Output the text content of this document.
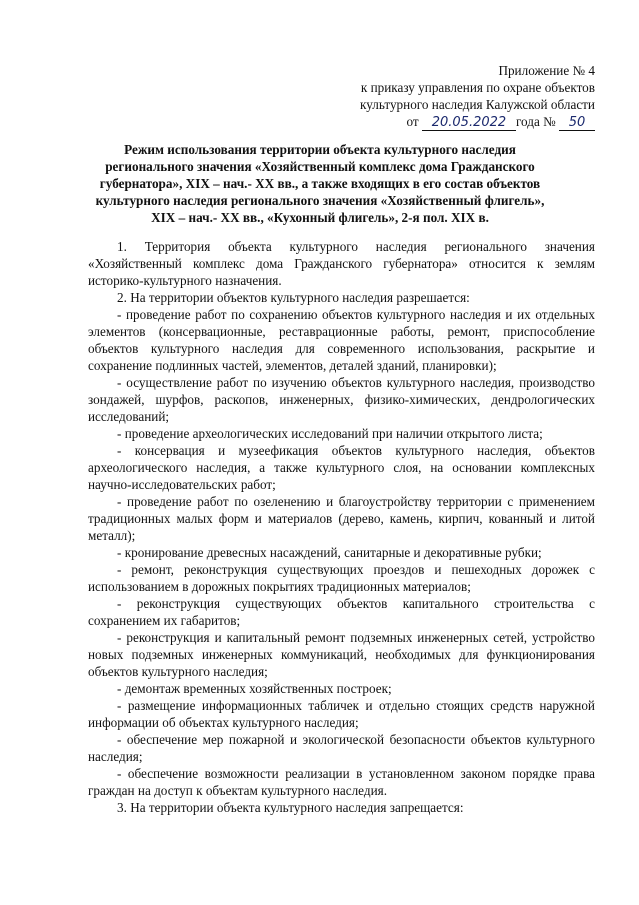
Приложение № 4
к приказу управления по охране объектов
культурного наследия Калужской области
от 20.05.2022 года № 50
Режим использования территории объекта культурного наследия
регионального значения «Хозяйственный комплекс дома Гражданского
губернатора», XIX – нач.- XX вв., а также входящих в его состав объектов
культурного наследия регионального значения «Хозяйственный флигель»,
XIX – нач.- XX вв., «Кухонный флигель», 2-я пол. XIX в.

1. Территория объекта культурного наследия регионального значения «Хозяйственный комплекс дома Гражданского губернатора» относится к землям историко-культурного назначения.

2. На территории объектов культурного наследия разрешается:

- проведение работ по сохранению объектов культурного наследия и их отдельных элементов (консервационные, реставрационные работы, ремонт, приспособление объектов культурного наследия для современного использования, раскрытие и сохранение подлинных частей, элементов, деталей зданий, планировки);

- осуществление работ по изучению объектов культурного наследия, производство зондажей, шурфов, раскопов, инженерных, физико-химических, дендрологических исследований;

- проведение археологических исследований при наличии открытого листа;

- консервация и музеефикация объектов культурного наследия, объектов археологического наследия, а также культурного слоя, на основании комплексных научно-исследовательских работ;

- проведение работ по озеленению и благоустройству территории с применением традиционных малых форм и материалов (дерево, камень, кирпич, кованный и литой металл);

- кронирование древесных насаждений, санитарные и декоративные рубки;

- ремонт, реконструкция существующих проездов и пешеходных дорожек с использованием в дорожных покрытиях традиционных материалов;

- реконструкция существующих объектов капитального строительства с сохранением их габаритов;

- реконструкция и капитальный ремонт подземных инженерных сетей, устройство новых подземных инженерных коммуникаций, необходимых для функционирования объектов культурного наследия;

- демонтаж временных хозяйственных построек;

- размещение информационных табличек и отдельно стоящих средств наружной информации об объектах культурного наследия;

- обеспечение мер пожарной и экологической безопасности объектов культурного наследия;

- обеспечение возможности реализации в установленном законом порядке права граждан на доступ к объектам культурного наследия.

3. На территории объекта культурного наследия запрещается:
